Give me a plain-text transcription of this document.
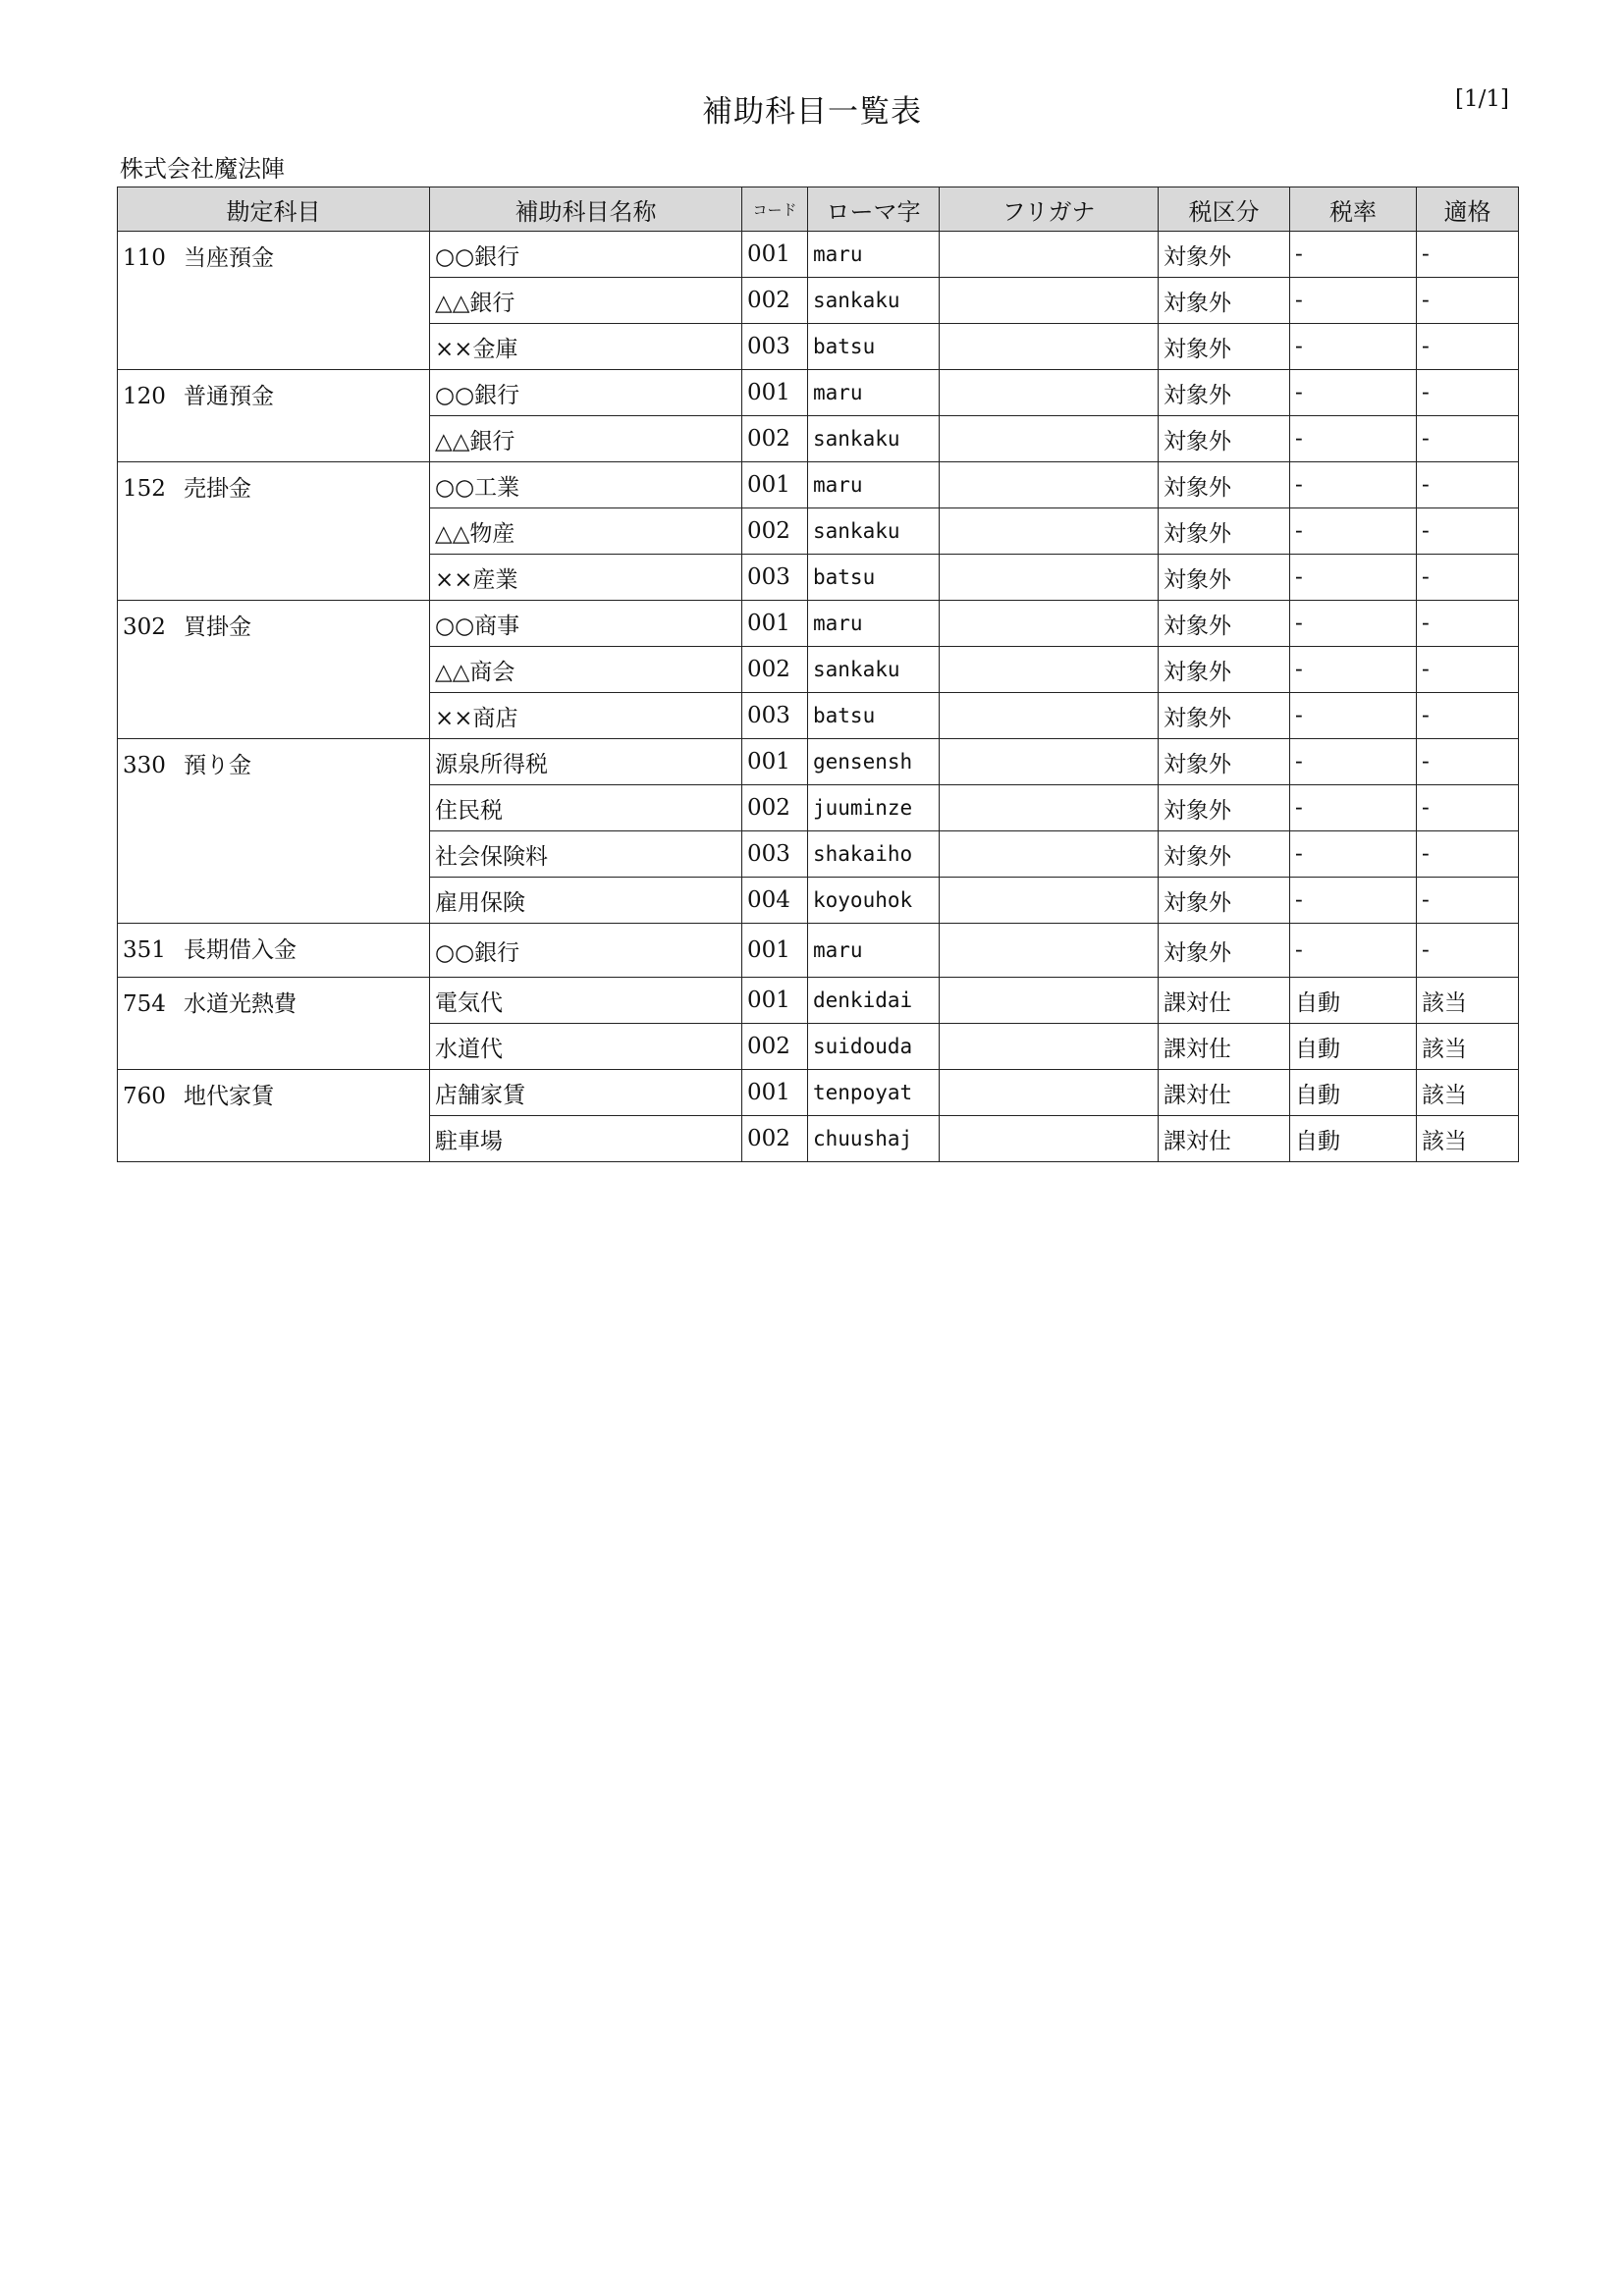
補助科目一覧表	[1/1]
株式会社魔法陣
勘定科目	補助科目名称	コード	ローマ字	フリガナ	税区分	税率	適格
110 当座預金	○○銀行	001	maru		対象外	-	-
	△△銀行	002	sankaku		対象外	-	-
	××金庫	003	batsu		対象外	-	-
120 普通預金	○○銀行	001	maru		対象外	-	-
	△△銀行	002	sankaku		対象外	-	-
152 売掛金	○○工業	001	maru		対象外	-	-
	△△物産	002	sankaku		対象外	-	-
	××産業	003	batsu		対象外	-	-
302 買掛金	○○商事	001	maru		対象外	-	-
	△△商会	002	sankaku		対象外	-	-
	××商店	003	batsu		対象外	-	-
330 預り金	源泉所得税	001	gensensh		対象外	-	-
	住民税	002	juuminze		対象外	-	-
	社会保険料	003	shakaiho		対象外	-	-
	雇用保険	004	koyouhok		対象外	-	-
351 長期借入金	○○銀行	001	maru		対象外	-	-
754 水道光熱費	電気代	001	denkidai		課対仕	自動	該当
	水道代	002	suidouda		課対仕	自動	該当
760 地代家賃	店舗家賃	001	tenpoyat		課対仕	自動	該当
	駐車場	002	chuushaj		課対仕	自動	該当
